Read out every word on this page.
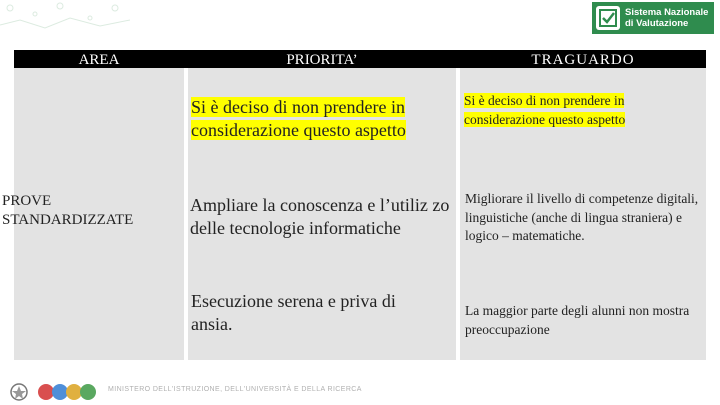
Sistema Nazionale
di Valutazione
AREA	PRIORITA’	TRAGUARDO
PROVE
STANDARDIZZATE
Si è deciso di non prendere in considerazione questo aspetto
Ampliare la conoscenza e l’utiliz zo delle tecnologie informatiche
Esecuzione serena e priva di ansia.
Si è deciso di non prendere in considerazione questo aspetto
Migliorare il livello di competenze digitali, linguistiche (anche di lingua straniera) e logico – matematiche.
La maggior parte degli alunni non mostra preoccupazione
MINISTERO DELL'ISTRUZIONE, DELL'UNIVERSITÀ E DELLA RICERCA
